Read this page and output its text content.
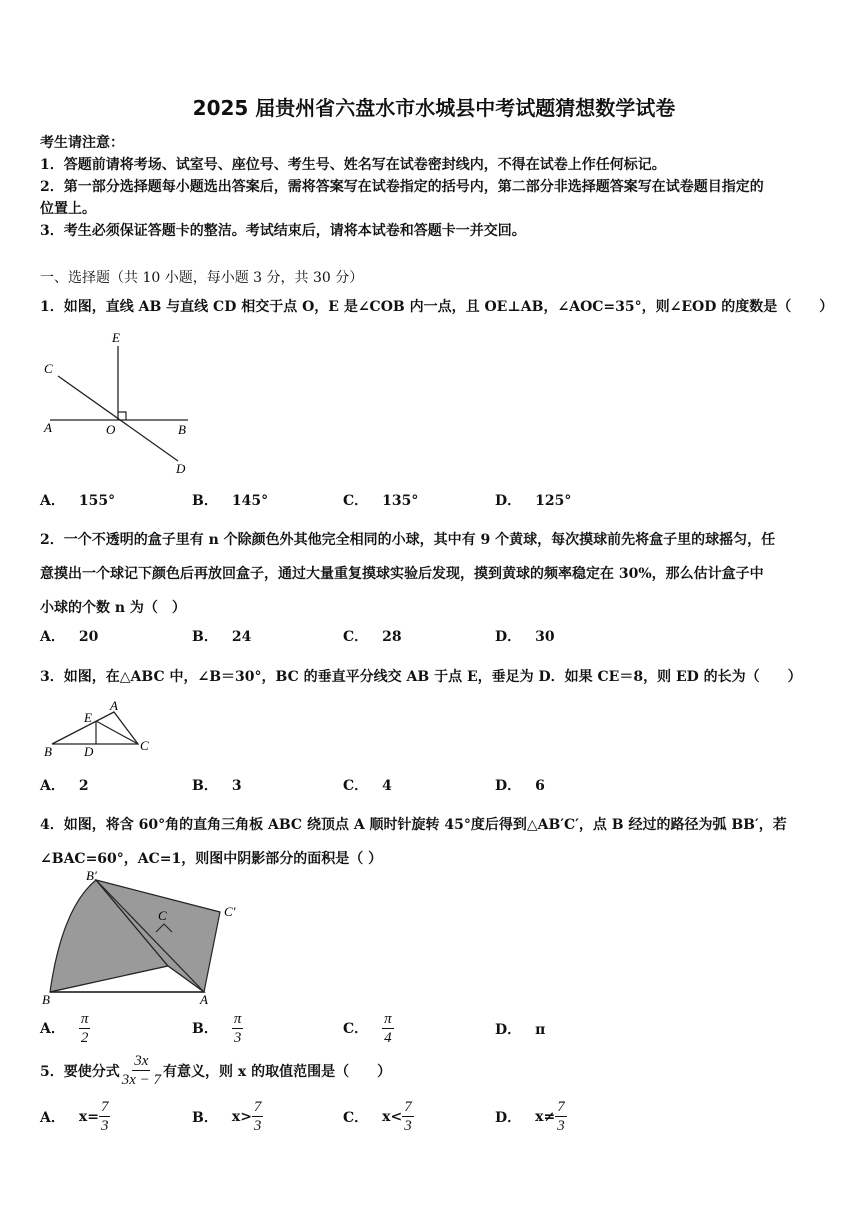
2025 届贵州省六盘水市水城县中考试题猜想数学试卷
考生请注意：
1．答题前请将考场、试室号、座位号、考生号、姓名写在试卷密封线内，不得在试卷上作任何标记。
2．第一部分选择题每小题选出答案后，需将答案写在试卷指定的括号内，第二部分非选择题答案写在试卷题目指定的
位置上。
3．考生必须保证答题卡的整洁。考试结束后，请将本试卷和答题卡一并交回。
一、选择题（共 10 小题，每小题 3 分，共 30 分）
1．如图，直线 AB 与直线 CD 相交于点 O，E 是∠COB 内一点，且 OE⊥AB，∠AOC=35°，则∠EOD 的度数是（　　）
E
C
A	O	B
D
A． 155°	B． 145°	C． 135°	D． 125°
2．一个不透明的盒子里有 n 个除颜色外其他完全相同的小球，其中有 9 个黄球，每次摸球前先将盒子里的球摇匀，任
意摸出一个球记下颜色后再放回盒子，通过大量重复摸球实验后发现，摸到黄球的频率稳定在 30%，那么估计盒子中
小球的个数 n 为（　）
A． 20	B． 24	C． 28	D． 30
3．如图，在△ABC 中，∠B＝30°，BC 的垂直平分线交 AB 于点 E，垂足为 D．如果 CE＝8，则 ED 的长为（　　）
A
E
B D	C
A． 2	B． 3	C． 4	D． 6
4．如图，将含 60°角的直角三角板 ABC 绕顶点 A 顺时针旋转 45°度后得到△AB′C′，点 B 经过的路径为弧 BB′，若
∠BAC=60°，AC=1，则图中阴影部分的面积是（ ）
B′
C′
C
B	A
A． $\frac{\pi}{2}$	B． $\frac{\pi}{3}$	C． $\frac{\pi}{4}$	D． π
5．要使分式 $\frac{3x}{3x - 7}$ 有意义，则 x 的取值范围是（　　）
A． $x= \frac{7}{3}$	B． $x> \frac{7}{3}$	C． $x< \frac{7}{3}$	D． $x\ne \frac{7}{3}$
